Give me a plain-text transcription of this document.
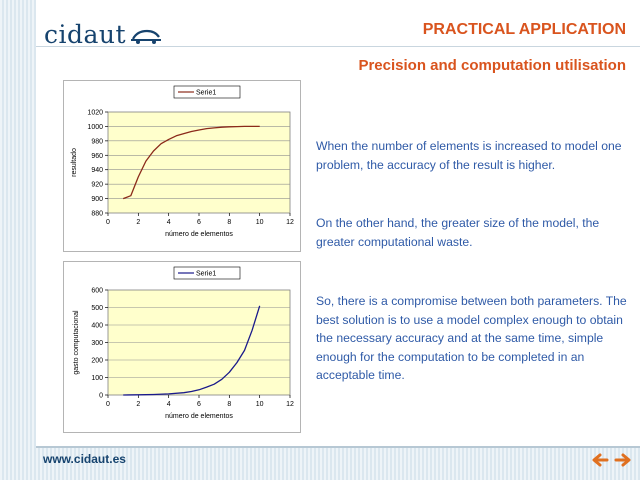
cidaut	PRACTICAL APPLICATION
Precision and computation utilisation
880
900
920
940
960
980
1000
1020
0	2	4	6	8	10	12
número de elementos
resultado
Serie1
0
100
200
300
400
500
600
0	2	4	6	8	10	12
número de elementos
gasto computacional
Serie1
When the number of elements is increased to model one problem, the accuracy of the result is higher.
On the other hand, the greater size of the model, the greater computational waste.
So, there is a compromise between both parameters. The best solution is to use a model complex enough to obtain the necessary accuracy and at the same time, simple enough for the computation to be completed in an acceptable time.
www.cidaut.es
